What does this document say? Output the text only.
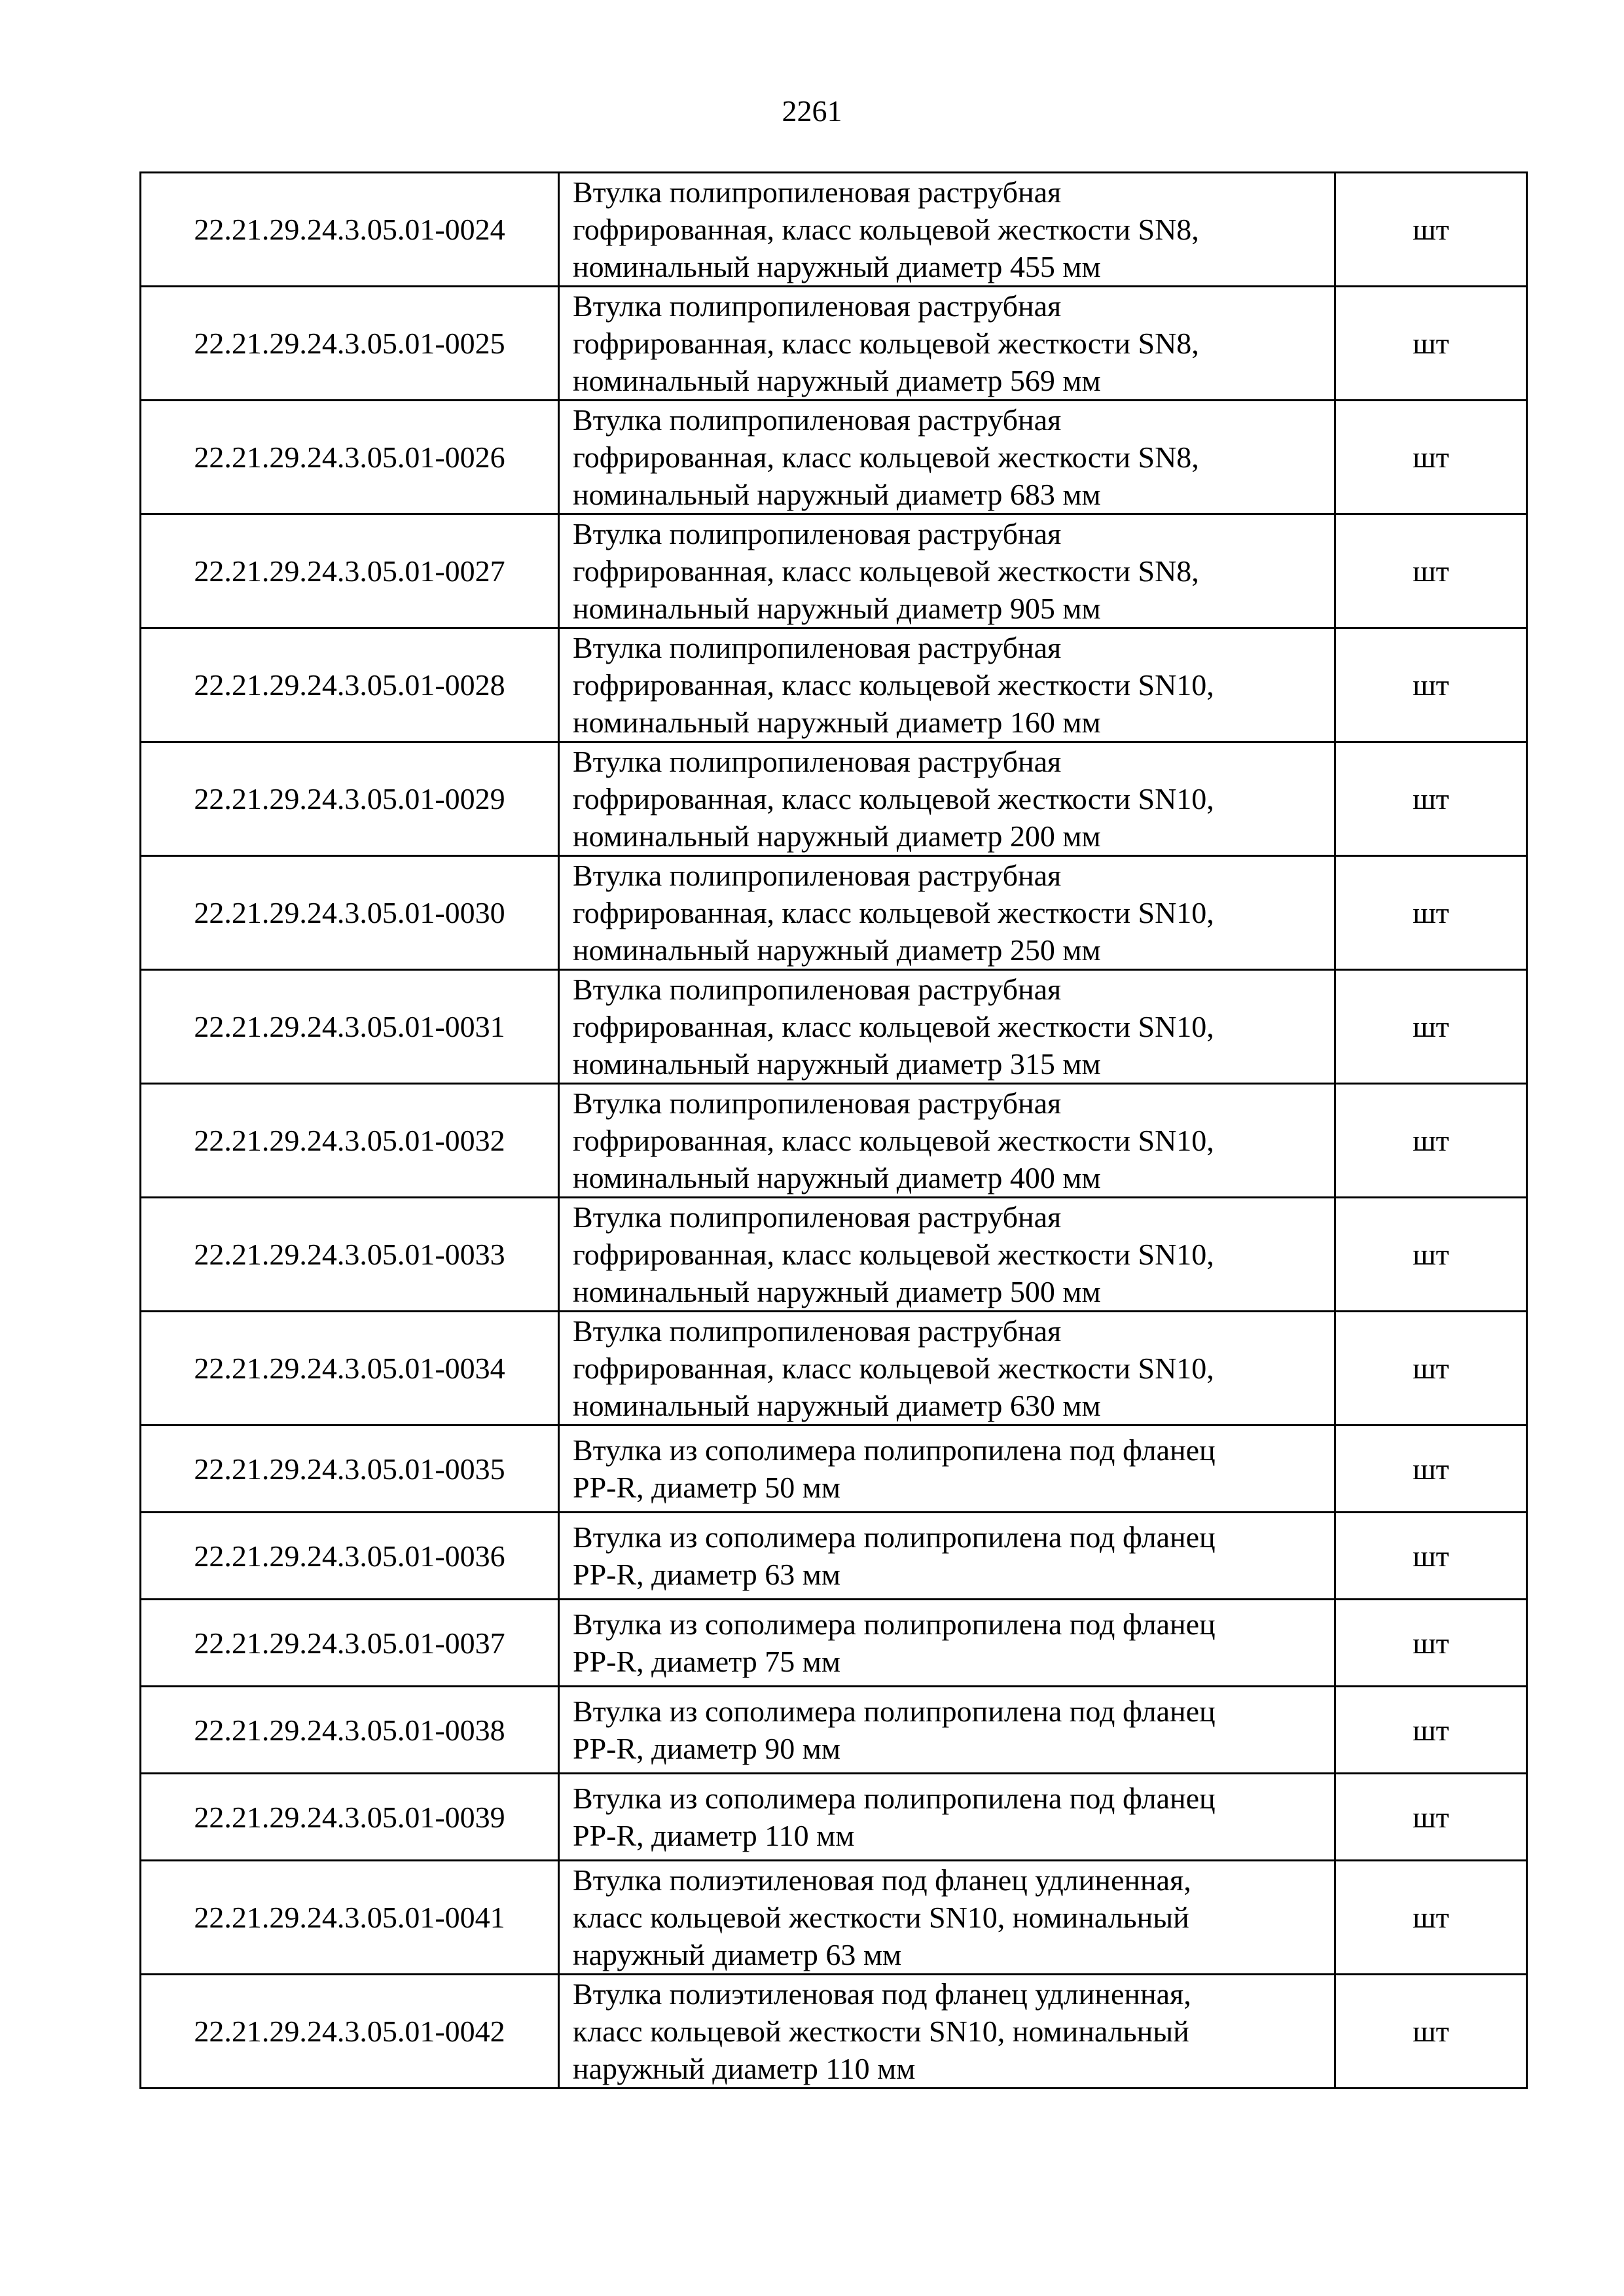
2261
22.21.29.24.3.05.01-0024	Втулка полипропиленовая раструбная
гофрированная, класс кольцевой жесткости SN8,
номинальный наружный диаметр 455 мм	шт
22.21.29.24.3.05.01-0025	Втулка полипропиленовая раструбная
гофрированная, класс кольцевой жесткости SN8,
номинальный наружный диаметр 569 мм	шт
22.21.29.24.3.05.01-0026	Втулка полипропиленовая раструбная
гофрированная, класс кольцевой жесткости SN8,
номинальный наружный диаметр 683 мм	шт
22.21.29.24.3.05.01-0027	Втулка полипропиленовая раструбная
гофрированная, класс кольцевой жесткости SN8,
номинальный наружный диаметр 905 мм	шт
22.21.29.24.3.05.01-0028	Втулка полипропиленовая раструбная
гофрированная, класс кольцевой жесткости SN10,
номинальный наружный диаметр 160 мм	шт
22.21.29.24.3.05.01-0029	Втулка полипропиленовая раструбная
гофрированная, класс кольцевой жесткости SN10,
номинальный наружный диаметр 200 мм	шт
22.21.29.24.3.05.01-0030	Втулка полипропиленовая раструбная
гофрированная, класс кольцевой жесткости SN10,
номинальный наружный диаметр 250 мм	шт
22.21.29.24.3.05.01-0031	Втулка полипропиленовая раструбная
гофрированная, класс кольцевой жесткости SN10,
номинальный наружный диаметр 315 мм	шт
22.21.29.24.3.05.01-0032	Втулка полипропиленовая раструбная
гофрированная, класс кольцевой жесткости SN10,
номинальный наружный диаметр 400 мм	шт
22.21.29.24.3.05.01-0033	Втулка полипропиленовая раструбная
гофрированная, класс кольцевой жесткости SN10,
номинальный наружный диаметр 500 мм	шт
22.21.29.24.3.05.01-0034	Втулка полипропиленовая раструбная
гофрированная, класс кольцевой жесткости SN10,
номинальный наружный диаметр 630 мм	шт
22.21.29.24.3.05.01-0035	Втулка из сополимера полипропилена под фланец
PP-R, диаметр 50 мм	шт
22.21.29.24.3.05.01-0036	Втулка из сополимера полипропилена под фланец
PP-R, диаметр 63 мм	шт
22.21.29.24.3.05.01-0037	Втулка из сополимера полипропилена под фланец
PP-R, диаметр 75 мм	шт
22.21.29.24.3.05.01-0038	Втулка из сополимера полипропилена под фланец
PP-R, диаметр 90 мм	шт
22.21.29.24.3.05.01-0039	Втулка из сополимера полипропилена под фланец
PP-R, диаметр 110 мм	шт
22.21.29.24.3.05.01-0041	Втулка полиэтиленовая под фланец удлиненная,
класс кольцевой жесткости SN10, номинальный
наружный диаметр 63 мм	шт
22.21.29.24.3.05.01-0042	Втулка полиэтиленовая под фланец удлиненная,
класс кольцевой жесткости SN10, номинальный
наружный диаметр 110 мм	шт
